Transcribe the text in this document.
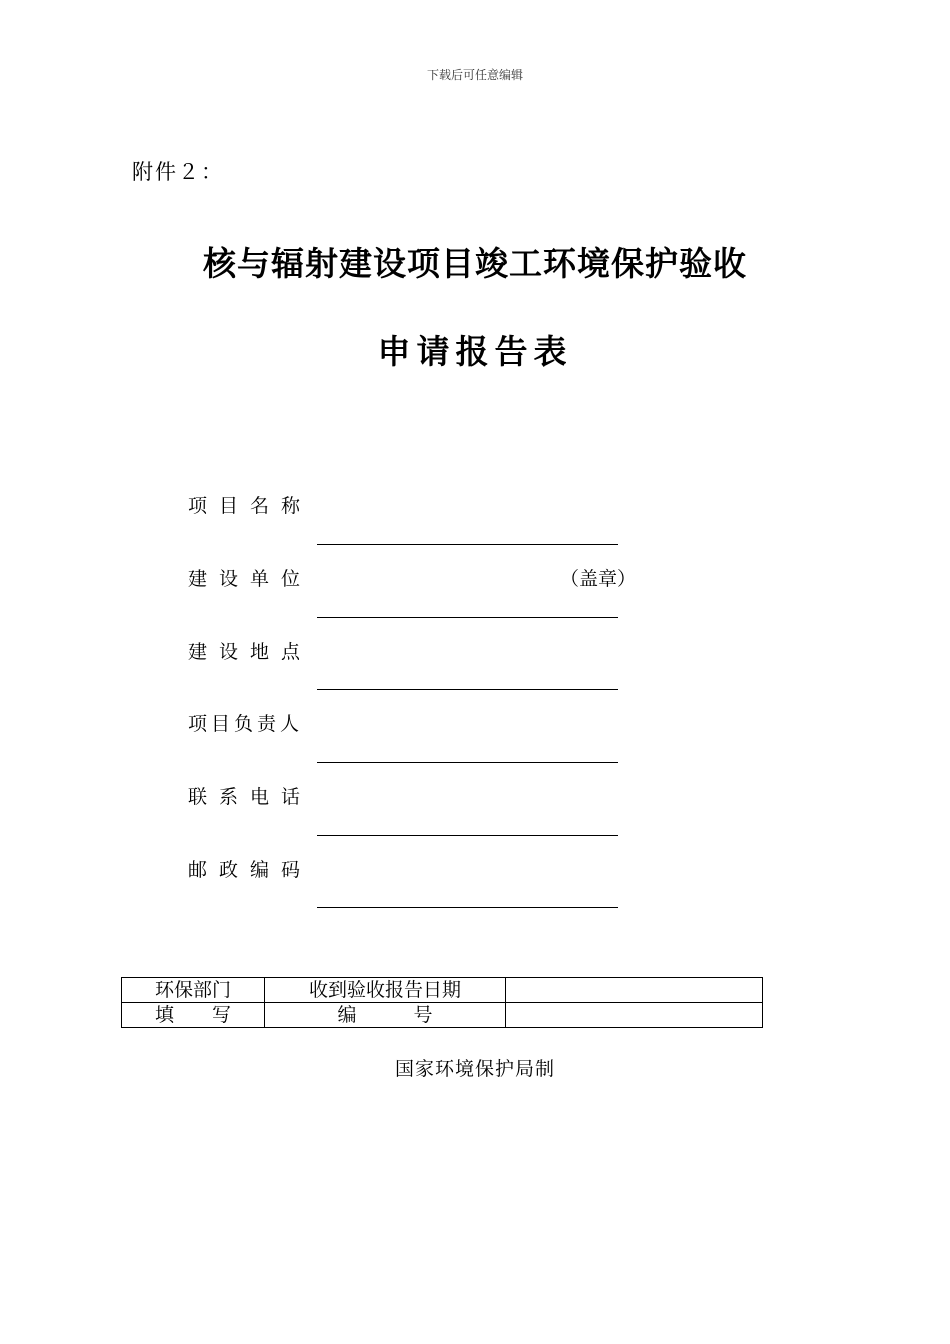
下载后可任意编辑
附件２：
核与辐射建设项目竣工环境保护验收
申请报告表
项目名称
建设单位	（盖章）
建设地点
项目负责人
联系电话
邮政编码
环保部门	收到验收报告日期	
填　　写	编　　　号	
国家环境保护局制
